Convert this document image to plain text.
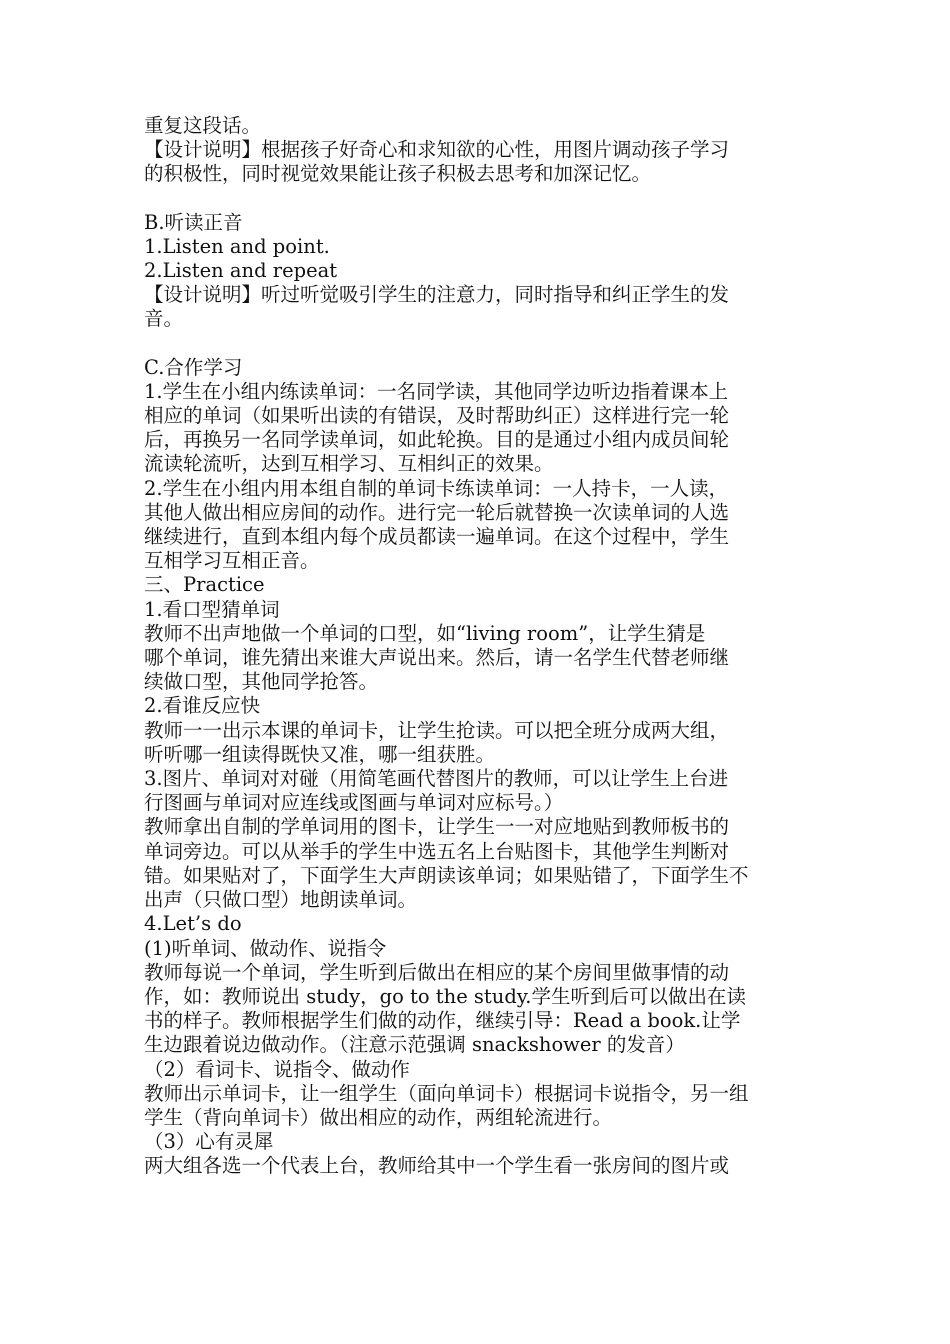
重复这段话。
【设计说明】根据孩子好奇心和求知欲的心性，用图片调动孩子学习
的积极性，同时视觉效果能让孩子积极去思考和加深记忆。
B.听读正音
1.Listen and point.
2.Listen and repeat
【设计说明】听过听觉吸引学生的注意力，同时指导和纠正学生的发
音。
C.合作学习
1.学生在小组内练读单词：一名同学读，其他同学边听边指着课本上
相应的单词（如果听出读的有错误，及时帮助纠正）这样进行完一轮
后，再换另一名同学读单词，如此轮换。目的是通过小组内成员间轮
流读轮流听，达到互相学习、互相纠正的效果。
2.学生在小组内用本组自制的单词卡练读单词：一人持卡，一人读，
其他人做出相应房间的动作。进行完一轮后就替换一次读单词的人选
继续进行，直到本组内每个成员都读一遍单词。在这个过程中，学生
互相学习互相正音。
三、Practice
1.看口型猜单词
教师不出声地做一个单词的口型，如“living room”，让学生猜是
哪个单词，谁先猜出来谁大声说出来。然后，请一名学生代替老师继
续做口型，其他同学抢答。
2.看谁反应快
教师一一出示本课的单词卡，让学生抢读。可以把全班分成两大组，
听听哪一组读得既快又准，哪一组获胜。
3.图片、单词对对碰（用简笔画代替图片的教师，可以让学生上台进
行图画与单词对应连线或图画与单词对应标号。）
教师拿出自制的学单词用的图卡，让学生一一对应地贴到教师板书的
单词旁边。可以从举手的学生中选五名上台贴图卡，其他学生判断对
错。如果贴对了，下面学生大声朗读该单词；如果贴错了，下面学生不
出声（只做口型）地朗读单词。
4.Let’s do
(1)听单词、做动作、说指令
教师每说一个单词，学生听到后做出在相应的某个房间里做事情的动
作，如：教师说出 study，go to the study.学生听到后可以做出在读
书的样子。教师根据学生们做的动作，继续引导：Read a book.让学
生边跟着说边做动作。（注意示范强调 snackshower 的发音）
（2）看词卡、说指令、做动作
教师出示单词卡，让一组学生（面向单词卡）根据词卡说指令，另一组
学生（背向单词卡）做出相应的动作，两组轮流进行。
（3）心有灵犀
两大组各选一个代表上台，教师给其中一个学生看一张房间的图片或
